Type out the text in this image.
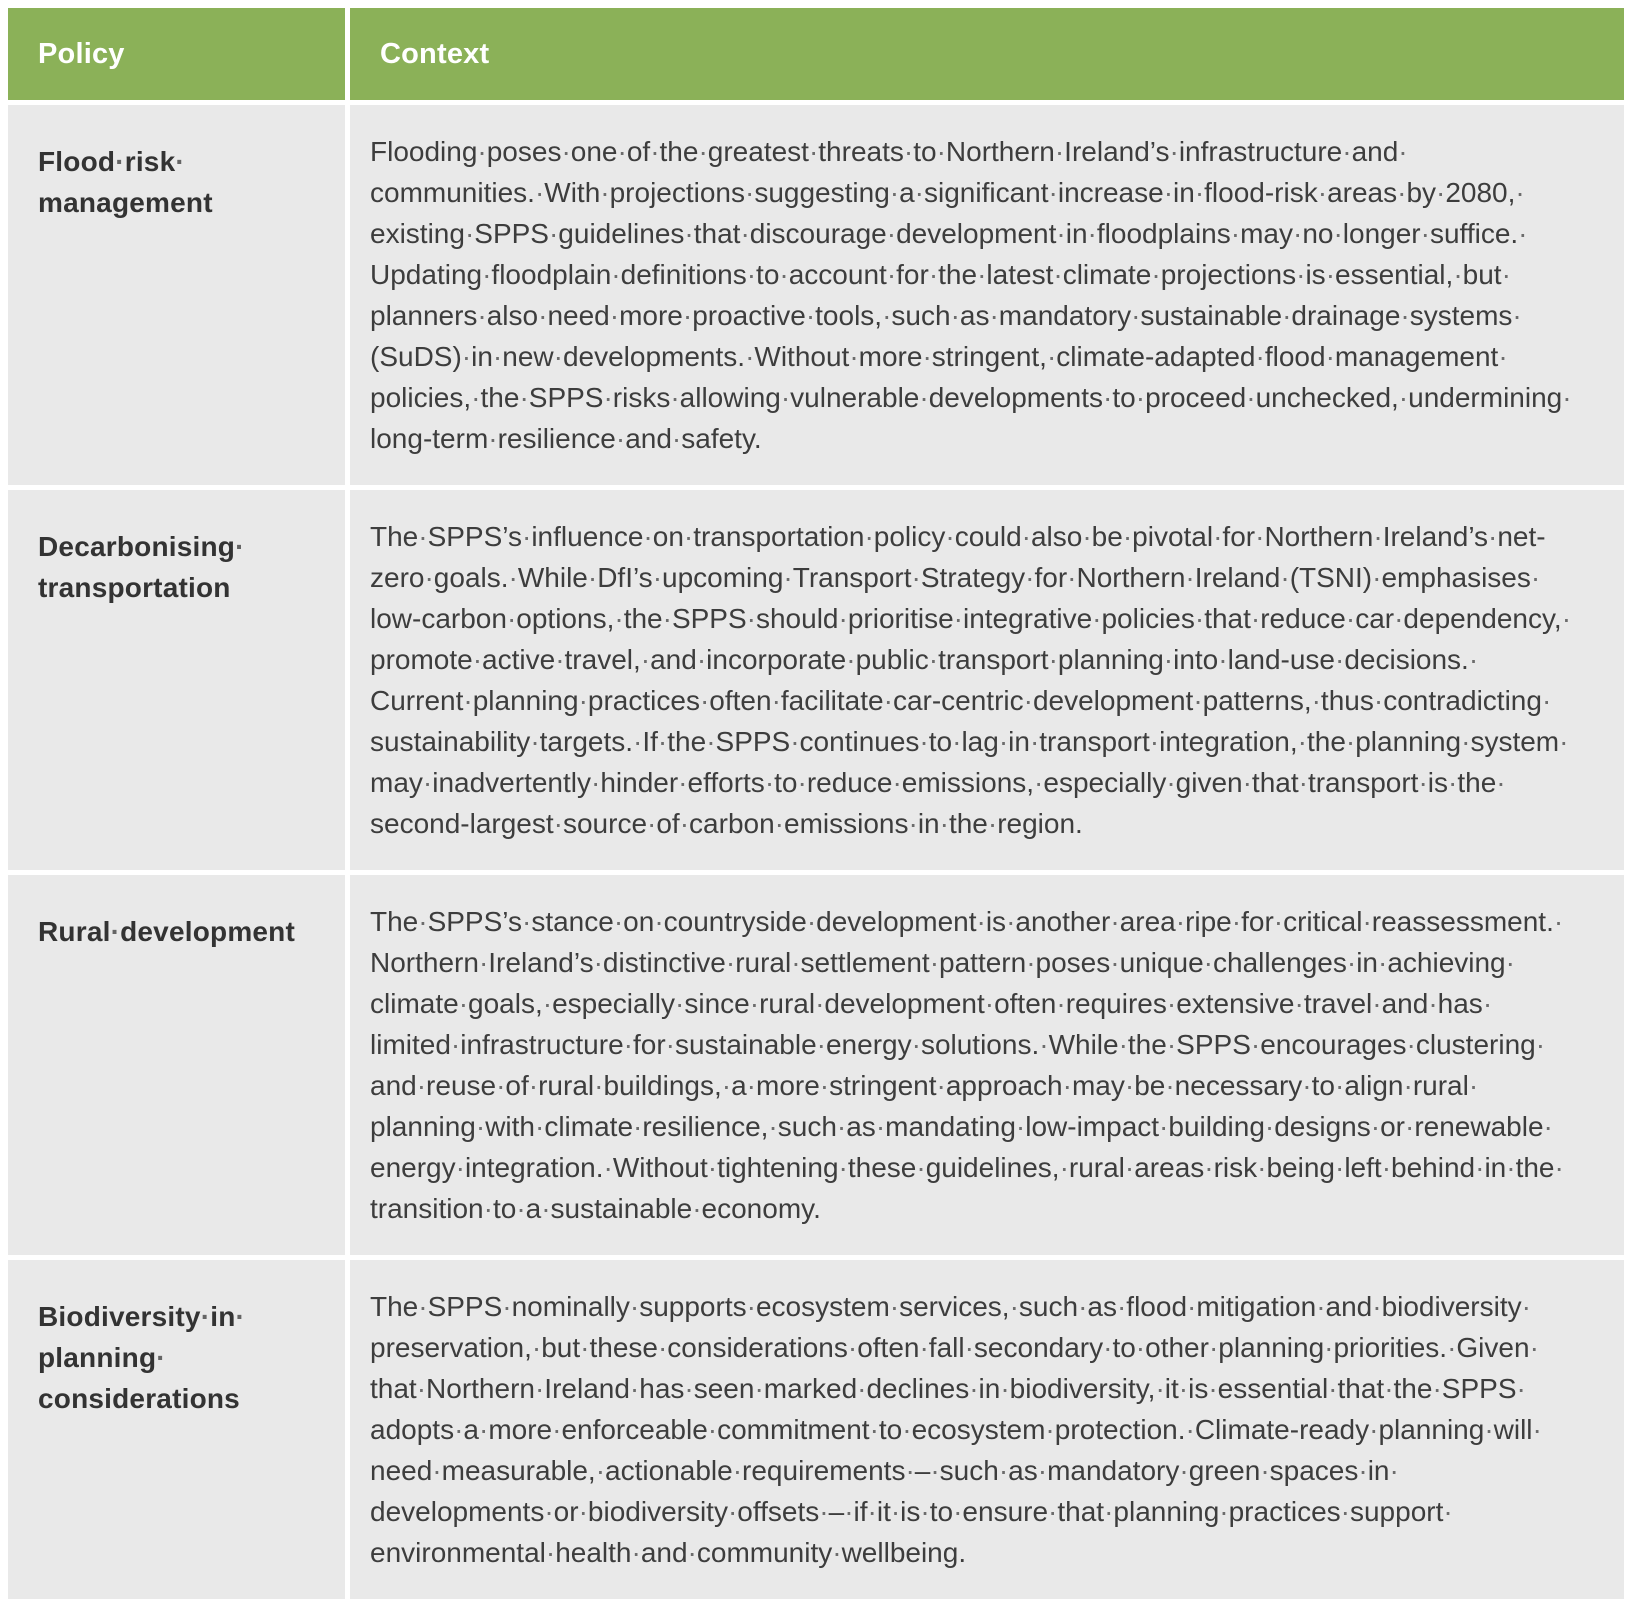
Policy	Context
Flood·risk·management	Flooding·poses·one·of·the·greatest·threats·to·Northern·Ireland’s·infrastructure·and·communities.·With·projections·suggesting·a·significant·increase·in·flood-risk·areas·by·2080,·existing·SPPS·guidelines·that·discourage·development·in·floodplains·may·no·longer·suffice.·Updating·floodplain·definitions·to·account·for·the·latest·climate·projections·is·essential,·but·planners·also·need·more·proactive·tools,·such·as·mandatory·sustainable·drainage·systems·(SuDS)·in·new·developments.·Without·more·stringent,·climate-adapted·flood·management·policies,·the·SPPS·risks·allowing·vulnerable·developments·to·proceed·unchecked,·undermining·long-term·resilience·and·safety.
Decarbonising·transportation	The·SPPS’s·influence·on·transportation·policy·could·also·be·pivotal·for·Northern·Ireland’s·net-zero·goals.·While·DfI’s·upcoming·Transport·Strategy·for·Northern·Ireland·(TSNI)·emphasises·low-carbon·options,·the·SPPS·should·prioritise·integrative·policies·that·reduce·car·dependency,·promote·active·travel,·and·incorporate·public·transport·planning·into·land-use·decisions.·Current·planning·practices·often·facilitate·car-centric·development·patterns,·thus·contradicting·sustainability·targets.·If·the·SPPS·continues·to·lag·in·transport·integration,·the·planning·system·may·inadvertently·hinder·efforts·to·reduce·emissions,·especially·given·that·transport·is·the·second-largest·source·of·carbon·emissions·in·the·region.
Rural·development	The·SPPS’s·stance·on·countryside·development·is·another·area·ripe·for·critical·reassessment.·Northern·Ireland’s·distinctive·rural·settlement·pattern·poses·unique·challenges·in·achieving·climate·goals,·especially·since·rural·development·often·requires·extensive·travel·and·has·limited·infrastructure·for·sustainable·energy·solutions.·While·the·SPPS·encourages·clustering·and·reuse·of·rural·buildings,·a·more·stringent·approach·may·be·necessary·to·align·rural·planning·with·climate·resilience,·such·as·mandating·low-impact·building·designs·or·renewable·energy·integration.·Without·tightening·these·guidelines,·rural·areas·risk·being·left·behind·in·the·transition·to·a·sustainable·economy.
Biodiversity·in·planning·considerations	The·SPPS·nominally·supports·ecosystem·services,·such·as·flood·mitigation·and·biodiversity·preservation,·but·these·considerations·often·fall·secondary·to·other·planning·priorities.·Given·that·Northern·Ireland·has·seen·marked·declines·in·biodiversity,·it·is·essential·that·the·SPPS·adopts·a·more·enforceable·commitment·to·ecosystem·protection.·Climate-ready·planning·will·need·measurable,·actionable·requirements·–·such·as·mandatory·green·spaces·in·developments·or·biodiversity·offsets·–·if·it·is·to·ensure·that·planning·practices·support·environmental·health·and·community·wellbeing.
